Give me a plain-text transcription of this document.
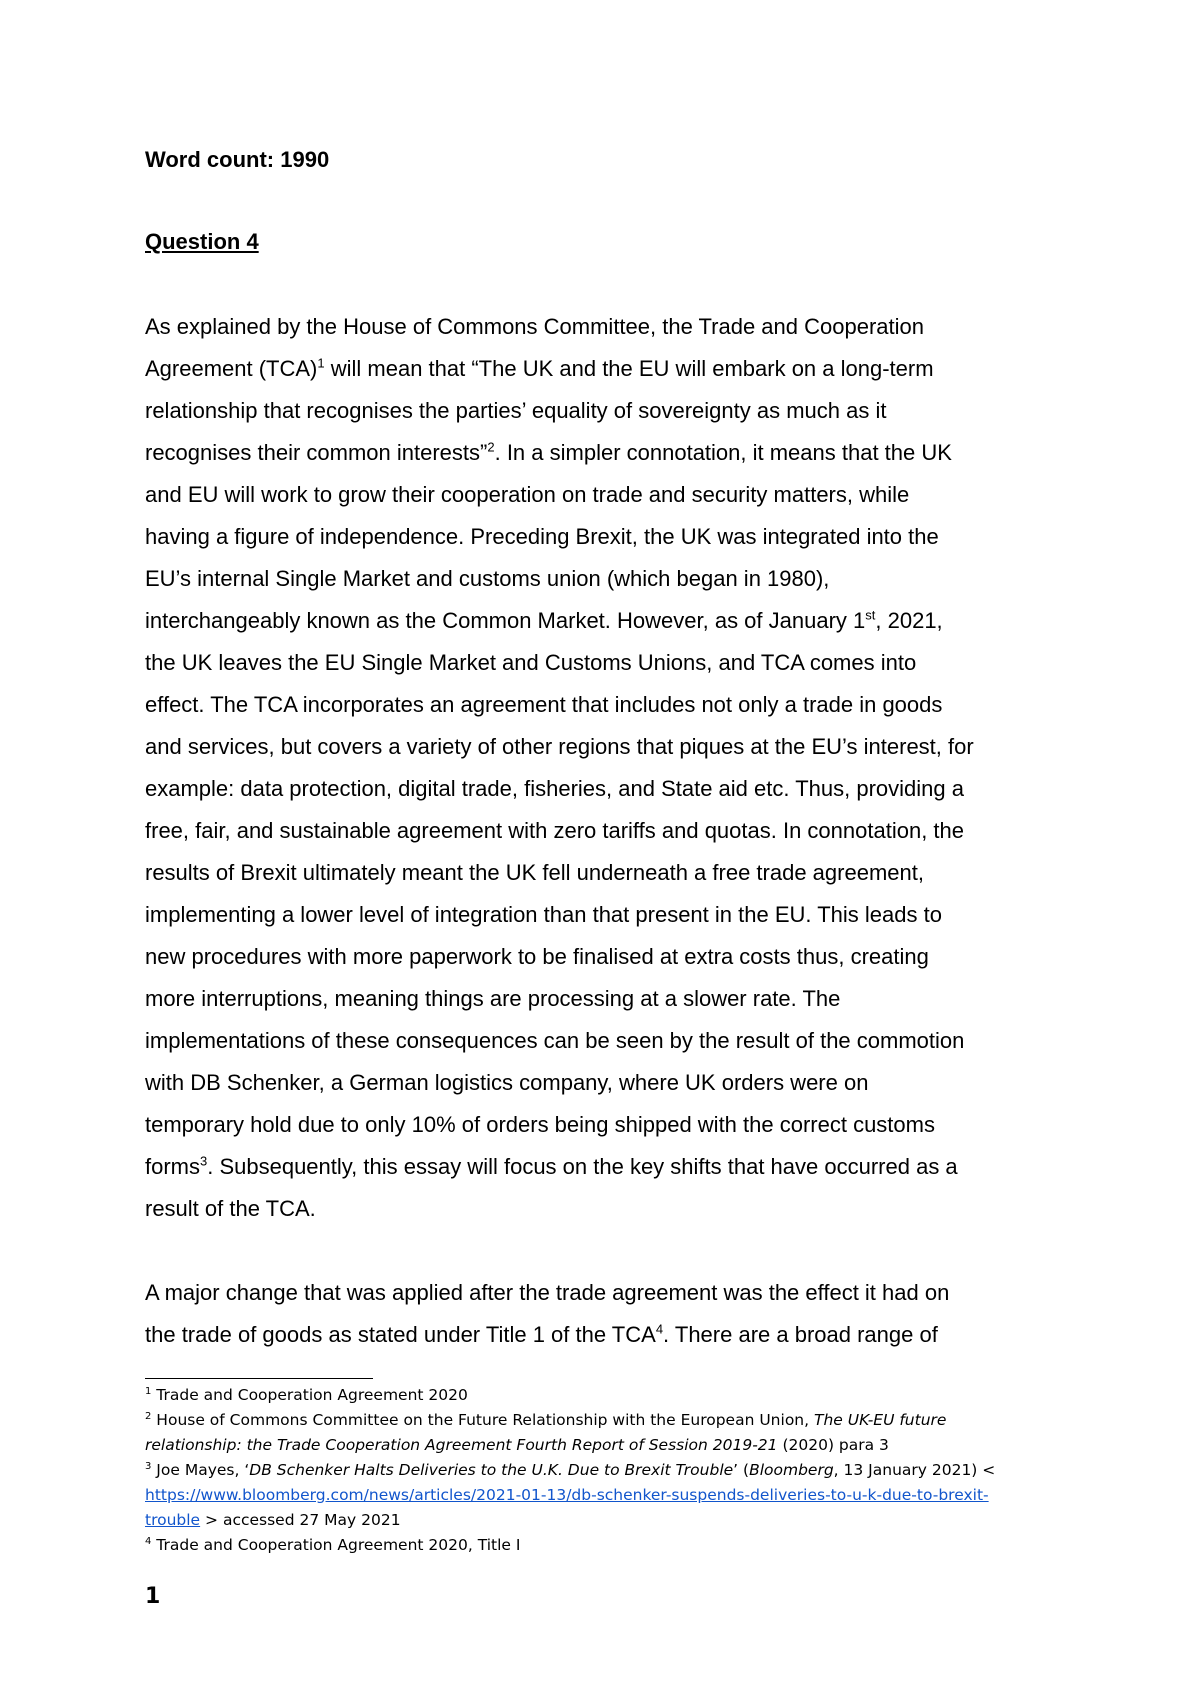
Word count: 1990
Question 4
As explained by the House of Commons Committee, the Trade and Cooperation
Agreement (TCA)$^1$ will mean that “The UK and the EU will embark on a long-term
relationship that recognises the parties’ equality of sovereignty as much as it
recognises their common interests”$^2$. In a simpler connotation, it means that the UK
and EU will work to grow their cooperation on trade and security matters, while
having a figure of independence. Preceding Brexit, the UK was integrated into the
EU’s internal Single Market and customs union (which began in 1980),
interchangeably known as the Common Market. However, as of January 1st, 2021,
the UK leaves the EU Single Market and Customs Unions, and TCA comes into
effect. The TCA incorporates an agreement that includes not only a trade in goods
and services, but covers a variety of other regions that piques at the EU’s interest, for
example: data protection, digital trade, fisheries, and State aid etc. Thus, providing a
free, fair, and sustainable agreement with zero tariffs and quotas. In connotation, the
results of Brexit ultimately meant the UK fell underneath a free trade agreement,
implementing a lower level of integration than that present in the EU. This leads to
new procedures with more paperwork to be finalised at extra costs thus, creating
more interruptions, meaning things are processing at a slower rate. The
implementations of these consequences can be seen by the result of the commotion
with DB Schenker, a German logistics company, where UK orders were on
temporary hold due to only 10% of orders being shipped with the correct customs
forms$^3$. Subsequently, this essay will focus on the key shifts that have occurred as a
result of the TCA.
A major change that was applied after the trade agreement was the effect it had on
the trade of goods as stated under Title 1 of the TCA$^4$. There are a broad range of
$^1$ Trade and Cooperation Agreement 2020
$^2$ House of Commons Committee on the Future Relationship with the European Union, The UK-EU future
relationship: the Trade Cooperation Agreement Fourth Report of Session 2019-21 (2020) para 3
$^3$ Joe Mayes, ‘DB Schenker Halts Deliveries to the U.K. Due to Brexit Trouble’ (Bloomberg, 13 January 2021) <
https://www.bloomberg.com/news/articles/2021-01-13/db-schenker-suspends-deliveries-to-u-k-due-to-brexit-
trouble > accessed 27 May 2021
$^4$ Trade and Cooperation Agreement 2020, Title I
1
